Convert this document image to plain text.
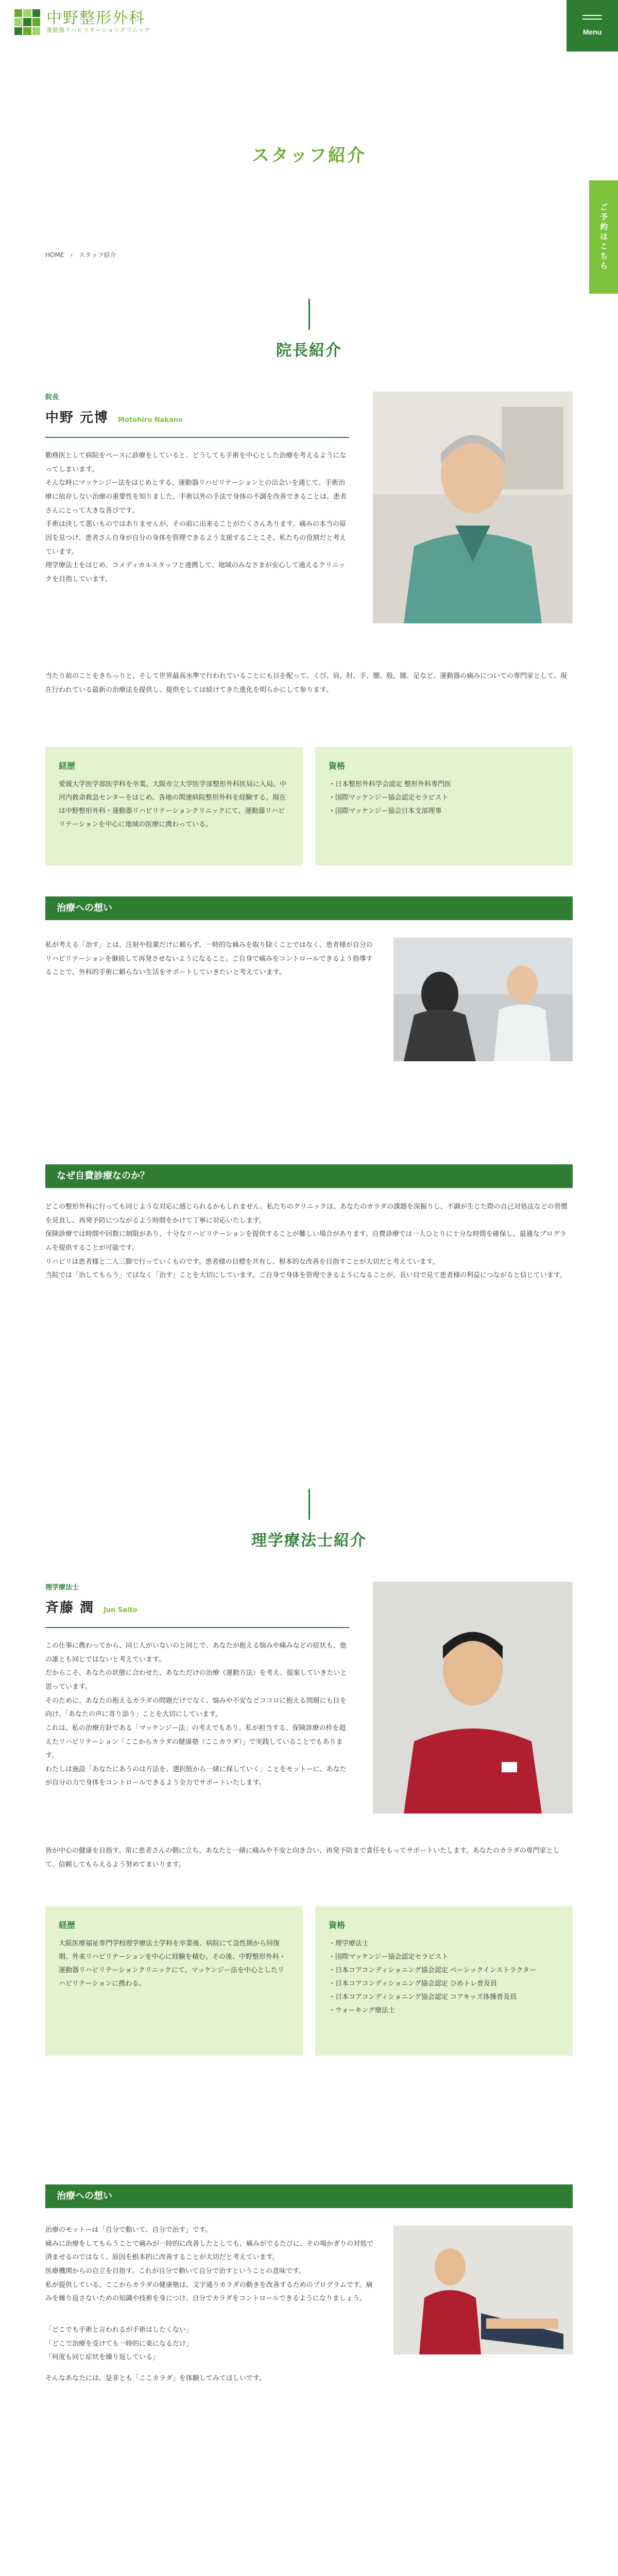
中野整形外科
運動器リハビリテーションクリニック	Menu
ご予約はこちら
スタッフ紹介
HOME › スタッフ紹介
院長紹介
院長
中野 元博 Motohiro Nakano

勤務医として病院をベースに診療をしていると、どうしても手術を中心とした治療を考えるようになってしまいます。

そんな時にマッケンジー法をはじめとする、運動器リハビリテーションとの出会いを通じて、手術治療に依存しない治療の重要性を知りました。手術以外の手法で身体の不調を改善できることは、患者さんにとって大きな喜びです。

手術は決して悪いものではありませんが、その前に出来ることがたくさんあります。痛みの本当の原因を見つけ、患者さん自身が自分の身体を管理できるよう支援することこそ、私たちの役割だと考えています。

理学療法士をはじめ、コメディカルスタッフと連携して、地域のみなさまが安心して通えるクリニックを目指しています。

当たり前のことをきちっりと、そして世界最高水準で行われていることにも目を配って、くび、肩、肘、手、腰、股、膝、足など、運動器の痛みについての専門家として、現在行われている最新の治療法を提供し、提供をしては続けてきた進化を明らかにして参ります。

経歴

愛媛大学医学部医学科を卒業。大阪市立大学医学部整形外科医局に入局。中河内救命救急センターをはじめ、各地の関連病院整形外科を経験する。現在は中野整形外科・運動器リハビリテーションクリニックにて、運動器リハビリテーションを中心に地域の医療に携わっている。

資格
・ 日本整形外科学会認定 整形外科専門医
・ 国際マッケンジー協会認定セラピスト
・ 国際マッケンジー協会日本支部理事
治療への想い

私が考える「治す」とは、注射や投薬だけに頼らず、一時的な痛みを取り除くことではなく、患者様が自分のリハビリテーションを継続して再発させないようになること。ご自身で痛みをコントロールできるよう指導することで、外科的手術に頼らない生活をサポートしていきたいと考えています。

なぜ自費診療なのか？

どこの整形外科に行っても同じような対応に感じられるかもしれません。私たちのクリニックは、あなたのカラダの課題を深掘りし、不調が生じた際の自己対処法などの習慣を見直し、再発予防につながるよう時間をかけて丁寧に対応いたします。

保険診療では時間や回数に制限があり、十分なリハビリテーションを提供することが難しい場合があります。自費診療では一人ひとりに十分な時間を確保し、最適なプログラムを提供することが可能です。

リハビリは患者様と二人三脚で行っていくものです。患者様の目標を共有し、根本的な改善を目指すことが大切だと考えています。

当院では「治してもらう」ではなく「治す」ことを大切にしています。ご自身で身体を管理できるようになることが、長い目で見て患者様の利益につながると信じています。

理学療法士紹介
理学療法士
斉藤 潤 Jun Saito

この仕事に携わってから、同じ人がいないのと同じで、あなたが抱える悩みや痛みなどの症状も、他の誰とも同じではないと考えています。

だからこそ、あなたの状態に合わせた、あなただけの治療（運動方法）を考え、提案していきたいと思っています。

そのために、あなたの抱えるカラダの問題だけでなく、悩みや不安などココロに抱える問題にも目を向け、「あなたの声に寄り添う」ことを大切にしています。

これは、私の治療方針である「マッケンジー法」の考えでもあり、私が担当する、保険診療の枠を超えたリハビリテーション「ここからカラダの健康塾（ここカラダ）」で実践していることでもあります。

わたしは施設「あなたにあうのは方法を、選択肢から一緒に探していく」ことをモットーに、あなたが自分の力で身体をコントロールできるよう全力でサポートいたします。

皆が中心の健康を目指す。常に患者さんの側に立ち、あなたと一緒に痛みや不安と向き合い、再発予防まで責任をもってサポートいたします。あなたのカラダの専門家として、信頼してもらえるよう努めてまいります。

経歴

大阪医療福祉専門学校理学療法士学科を卒業後、病院にて急性期から回復期、外来リハビリテーションを中心に経験を積む。その後、中野整形外科・運動器リハビリテーションクリニックにて、マッケンジー法を中心としたリハビリテーションに携わる。

資格
・ 理学療法士
・ 国際マッケンジー協会認定セラピスト
・ 日本コアコンディショニング協会認定 ベーシックインストラクター
・ 日本コアコンディショニング協会認定 ひめトレ普及員
・ 日本コアコンディショニング協会認定 コアキッズ体操普及員
・ ウォーキング療法士
治療への想い

治療のモットーは「自分で動いて、自分で治す」です。

痛みに治療をしてもらうことで痛みが一時的に改善したとしても、痛みがでるたびに、その場かぎりの対処で済ませるのではなく、原因を根本的に改善することが大切だと考えています。

医療機関からの自立を目指す。これが自分で動いて自分で治すということの意味です。

私が提供している、ここからカラダの健康塾は、文字通りカラダの動きを改善するためのプログラムです。痛みを繰り返さないための知識や技術を身につけ、自分でカラダをコントロールできるようになりましょう。

「どこでも手術と言われるが手術はしたくない」

「どこで治療を受けても一時的に楽になるだけ」

「何度も同じ症状を繰り返している」

そんなあなたには、是非とも「ここカラダ」を体験してみてほしいです。
